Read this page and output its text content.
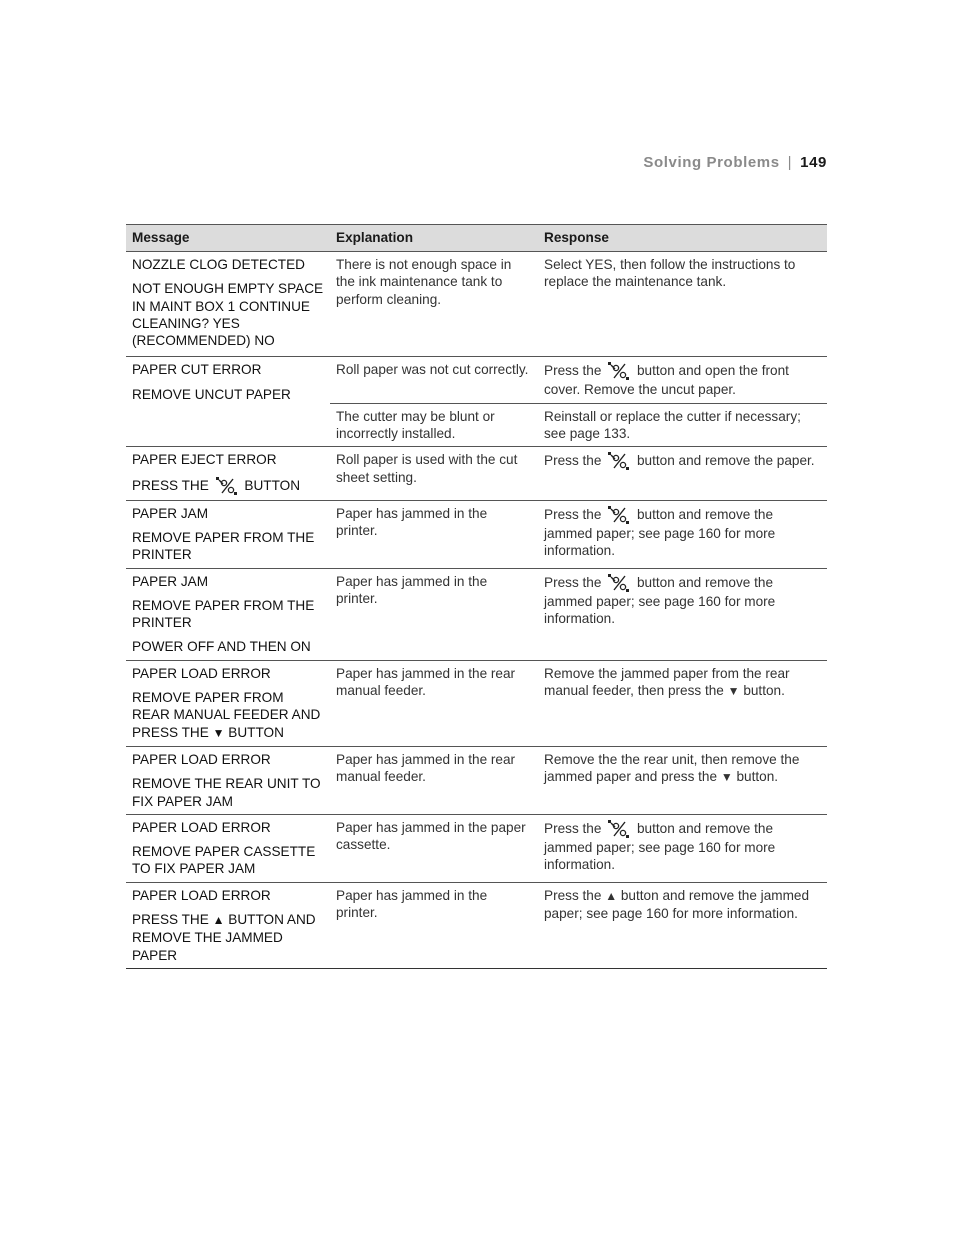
Solving Problems | 149
Message	Explanation	Response

NOZZLE CLOG DETECTED
NOT ENOUGH EMPTY SPACE IN MAINT BOX 1 CONTINUE CLEANING? YES (RECOMMENDED) NO	There is not enough space in the ink maintenance tank to perform cleaning.	Select YES, then follow the instructions to replace the maintenance tank.

PAPER CUT ERROR
REMOVE UNCUT PAPER	Roll paper was not cut correctly.	Press the button and open the front cover. Remove the uncut paper.
	The cutter may be blunt or incorrectly installed.	Reinstall or replace the cutter if necessary; see page 133.

PAPER EJECT ERROR
PRESS THE BUTTON	Roll paper is used with the cut sheet setting.	Press the button and remove the paper.

PAPER JAM
REMOVE PAPER FROM THE PRINTER	Paper has jammed in the printer.	Press the button and remove the jammed paper; see page 160 for more information.

PAPER JAM
REMOVE PAPER FROM THE PRINTER
POWER OFF AND THEN ON	Paper has jammed in the printer.	Press the button and remove the jammed paper; see page 160 for more information.

PAPER LOAD ERROR
REMOVE PAPER FROM REAR MANUAL FEEDER AND PRESS THE ▼ BUTTON	Paper has jammed in the rear manual feeder.	Remove the jammed paper from the rear manual feeder, then press the ▼ button.

PAPER LOAD ERROR
REMOVE THE REAR UNIT TO FIX PAPER JAM	Paper has jammed in the rear manual feeder.	Remove the the rear unit, then remove the jammed paper and press the ▼ button.

PAPER LOAD ERROR
REMOVE PAPER CASSETTE TO FIX PAPER JAM	Paper has jammed in the paper cassette.	Press the button and remove the jammed paper; see page 160 for more information.

PAPER LOAD ERROR
PRESS THE ▲ BUTTON AND REMOVE THE JAMMED PAPER	Paper has jammed in the printer.	Press the ▲ button and remove the jammed paper; see page 160 for more information.
